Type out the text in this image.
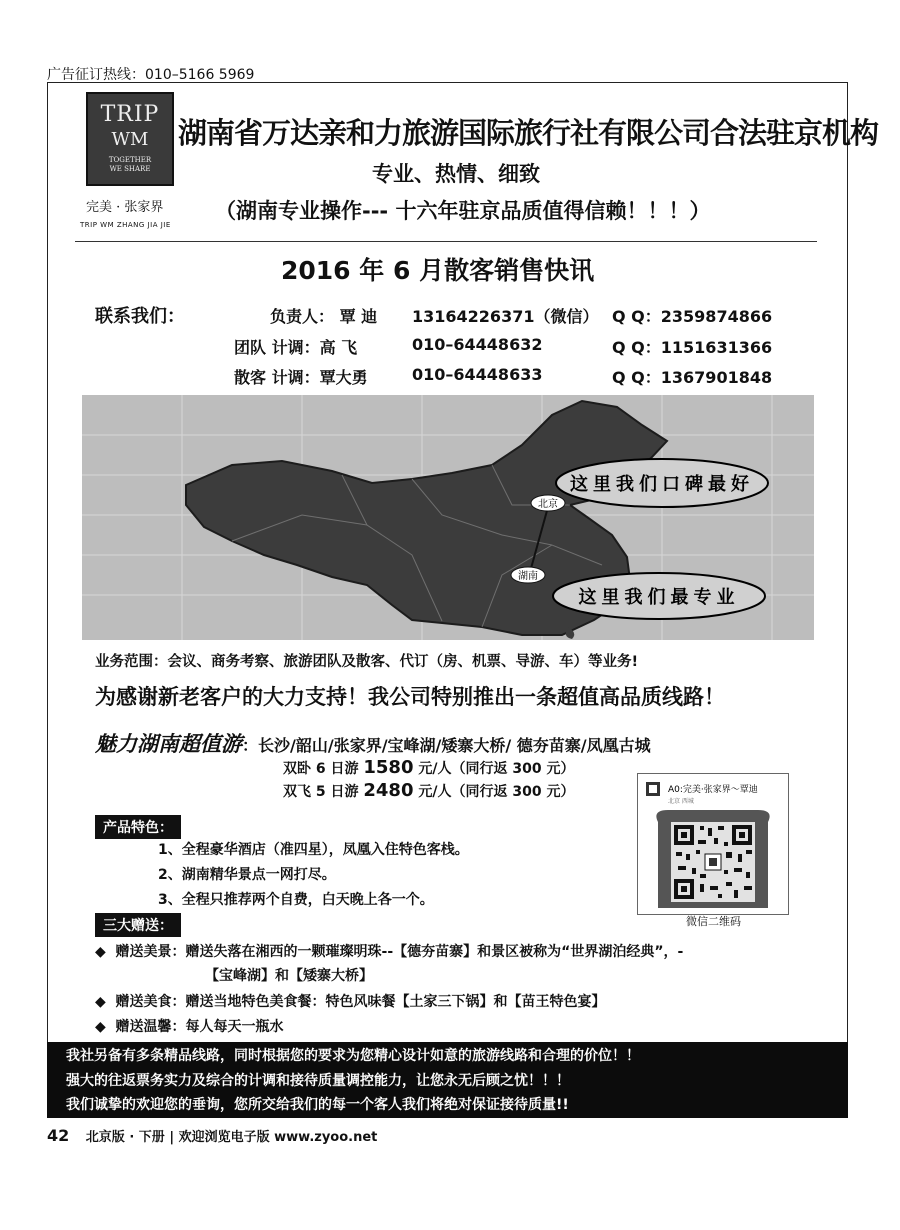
广告征订热线：010–5166 5969
TRIP
WM
TOGETHER
WE SHARE
完美 · 张家界
TRIP WM ZHANG JIA JIE
湖南省万达亲和力旅游国际旅行社有限公司合法驻京机构
专业、热情、细致
（湖南专业操作--- 十六年驻京品质值得信赖！！！）
2016 年 6 月散客销售快讯
联系我们：	负责人： 覃 迪 13164226371（微信） Q Q：2359874866
团队 计调：高 飞	010–64448632	Q Q：1151631366
散客 计调：覃大勇	010–64448633	Q Q：1367901848
北京
湖南
这里我们口碑最好
这里我们最专业
业务范围：会议、商务考察、旅游团队及散客、代订（房、机票、导游、车）等业务!
为感谢新老客户的大力支持！我公司特别推出一条超值高品质线路！
魅力湖南超值游：长沙/韶山/张家界/宝峰湖/矮寨大桥/ 德夯苗寨/凤凰古城
双卧 6 日游 1580 元/人（同行返 300 元）
双飞 5 日游 2480 元/人（同行返 300 元）
产品特色：
1、全程豪华酒店（准四星），凤凰入住特色客栈。
2、湖南精华景点一网打尽。
3、全程只推荐两个自费，白天晚上各一个。
A0:完美·张家界～覃迪
北京 西城
微信二维码
三大赠送：
◆  赠送美景：赠送失落在湘西的一颗璀璨明珠--【德夯苗寨】和景区被称为“世界湖泊经典”，-
【宝峰湖】和【矮寨大桥】
◆  赠送美食：赠送当地特色美食餐：特色风味餐【土家三下锅】和【苗王特色宴】
◆  赠送温馨：每人每天一瓶水
我社另备有多条精品线路，同时根据您的要求为您精心设计如意的旅游线路和合理的价位！！
强大的往返票务实力及综合的计调和接待质量调控能力，让您永无后顾之忧！！！
我们诚挚的欢迎您的垂询，您所交给我们的每一个客人我们将绝对保证接待质量!!
42 北京版 · 下册 | 欢迎浏览电子版 www.zyoo.net
